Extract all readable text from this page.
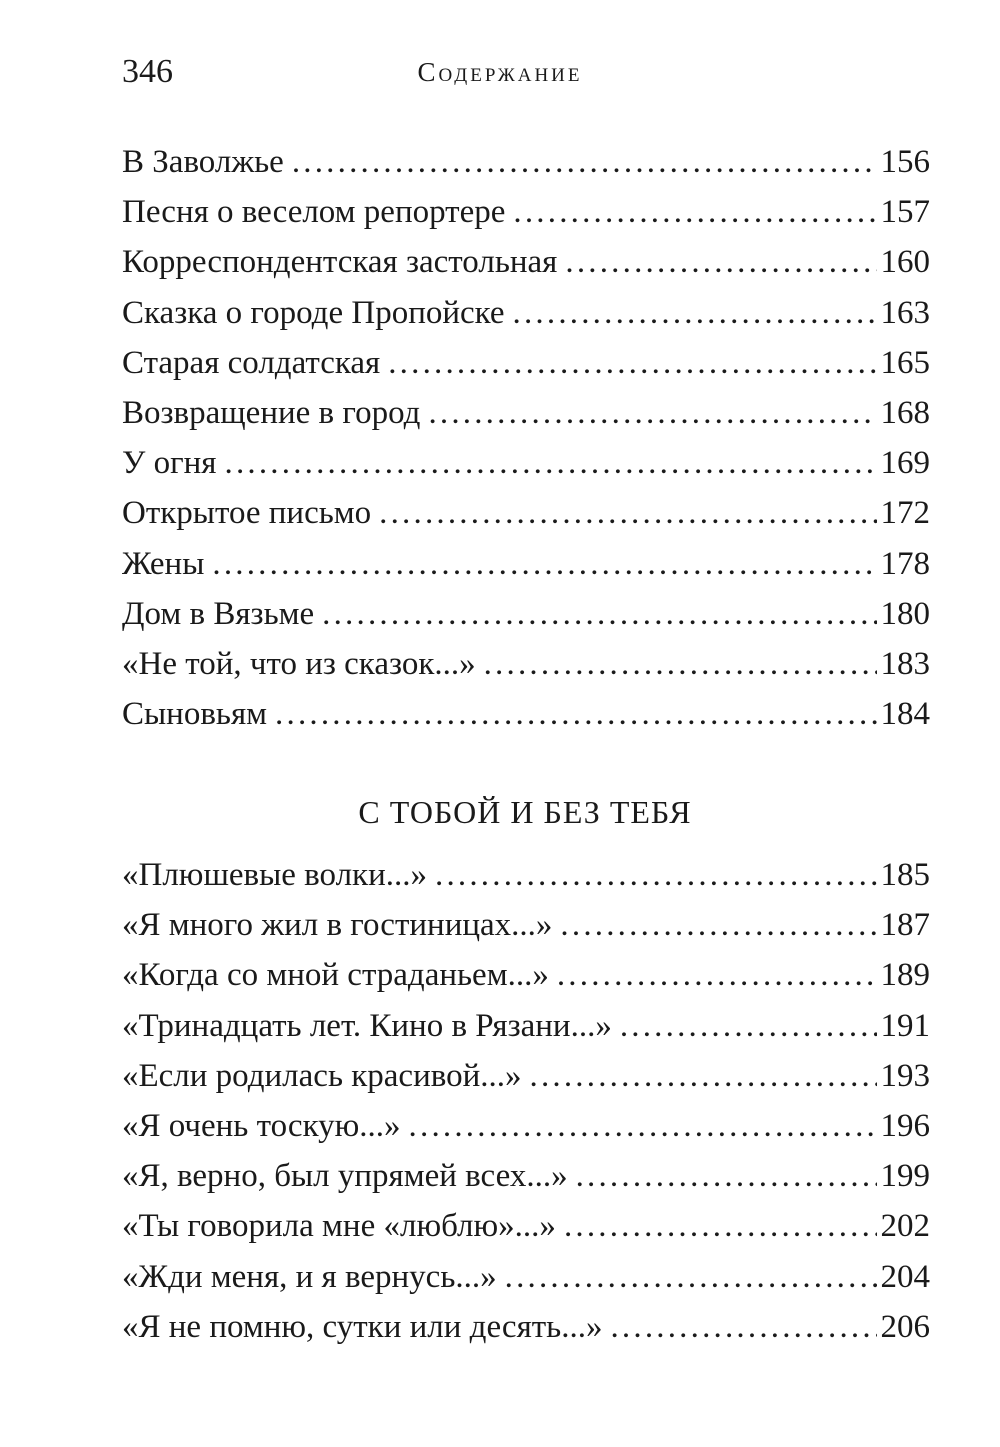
346	Содержание
В Заволжье .....	156
Песня о веселом репортере .....	157
Корреспондентская застольная .....	160
Сказка о городе Пропойске .....	163
Старая солдатская .....	165
Возвращение в город .....	168
У огня .....	169
Открытое письмо .....	172
Жены .....	178
Дом в Вязьме .....	180
«Не той, что из сказок...» .....	183
Сыновьям .....	184
С ТОБОЙ И БЕЗ ТЕБЯ
«Плюшевые волки...» .....	185
«Я много жил в гостиницах...» .....	187
«Когда со мной страданьем...» .....	189
«Тринадцать лет. Кино в Рязани...» .....	191
«Если родилась красивой...» .....	193
«Я очень тоскую...» .....	196
«Я, верно, был упрямей всех...» .....	199
«Ты говорила мне «люблю»...» .....	202
«Жди меня, и я вернусь...» .....	204
«Я не помню, сутки или десять...» .....	206
